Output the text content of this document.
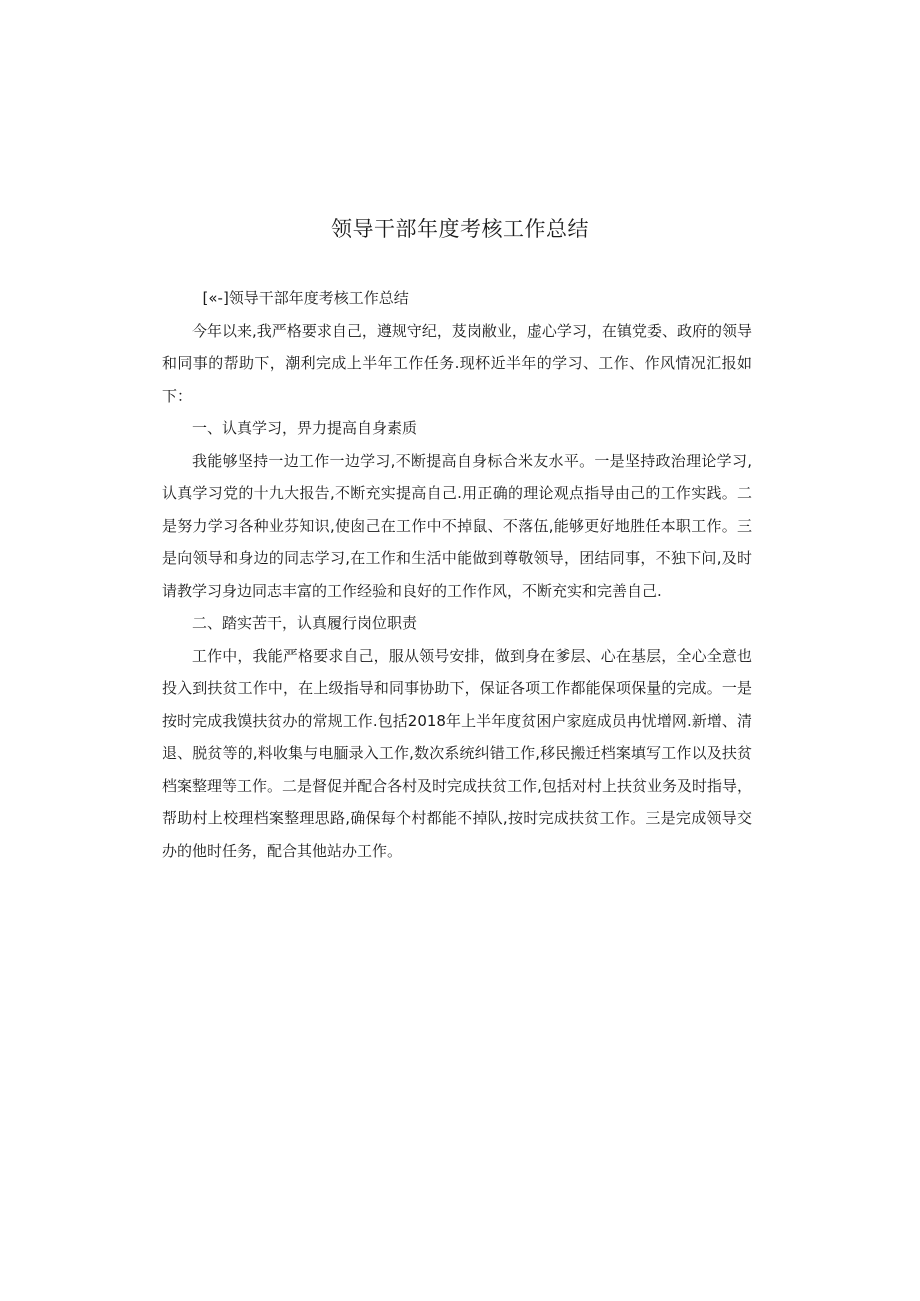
领导干部年度考核工作总结

[«-]领导干部年度考核工作总结

今年以来,我严格要求自己，遵规守纪，芨岗敝业，虚心学习，在镇党委、政府的领导和同事的帮助下，潮利完成上半年工作任务.现杯近半年的学习、工作、作风情况汇报如下：

一、认真学习，畀力提高自身素质

我能够坚持一边工作一边学习,不断提高自身标合米友水平。一是坚持政治理论学习,认真学习党的十九大报告,不断充实提高自己.用正确的理论观点指导由己的工作实践。二是努力学习各种业芬知识,使囱己在工作中不掉鼠、不落伍,能够更好地胜任本职工作。三是向领导和身边的同志学习,在工作和生活中能做到尊敬领导，团结同事，不独下问,及时请教学习身边同志丰富的工作经验和良好的工作作风，不断充实和完善自己.

二、踏实苦干，认真履行岗位职责

工作中，我能严格要求自己，服从领号安排，做到身在爹层、心在基层，全心全意也投入到扶贫工作中，在上级指导和同事协助下，保证各项工作都能保项保量的完成。一是按时完成我馍扶贫办的常规工作.包括2018年上半年度贫困户家庭成员冉忧增网.新增、清退、脱贫等的,料收集与电腼录入工作,数次系统纠错工作,移民搬迁档案填写工作以及扶贫档案整理等工作。二是督促并配合各村及时完成扶贫工作,包括对村上扶贫业务及时指导，帮助村上校理档案整理思路,确保每个村都能不掉队,按时完成扶贫工作。三是完成领导交办的他时任务，配合其他站办工作。
